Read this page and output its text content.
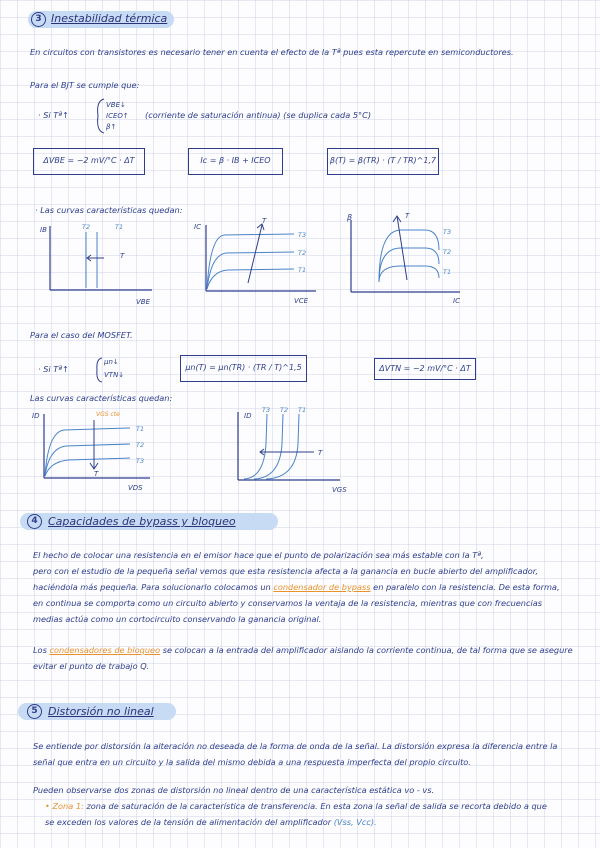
3 Inestabilidad térmica
En circuitos con transistores es necesario tener en cuenta el efecto de la Tª pues esta repercute en semiconductores.
Para el BJT se cumple que:
· Si Tª↑
VBE↓
ICEO↑
β↑
(corriente de saturación antinua) (se duplica cada 5°C)
ΔVBE = −2 mV/°C · ΔT	Ic = β · IB + ICEO	β(T) = β(TR) · (T / TR)^1,7
· Las curvas características quedan:
IB
VBE
T2	T1
T
IC
VCE
T
T3
T2
T1
β
IC
T
T3
T2
T1
Para el caso del MOSFET.
· Si Tª↑
μn↓
VTN↓
μn(T) = μn(TR) · (TR / T)^1,5	ΔVTN = −2 mV/°C · ΔT
Las curvas características quedan:
ID
VDS
VGS cte
T1
T2
T3
T
ID
VGS
T3 T2 T1
T
4 Capacidades de bypass y bloqueo
El hecho de colocar una resistencia en el emisor hace que el punto de polarización sea más estable con la Tª,
pero con el estudio de la pequeña señal vemos que esta resistencia afecta a la ganancia en bucle abierto del amplificador,
haciéndola más pequeña. Para solucionarlo colocamos un condensador de bypass en paralelo con la resistencia. De esta forma,
en continua se comporta como un circuito abierto y conservamos la ventaja de la resistencia, mientras que con frecuencias
medias actúa como un cortocircuito conservando la ganancia original.
Los condensadores de bloqueo se colocan a la entrada del amplificador aislando la corriente continua, de tal forma que se asegure
evitar el punto de trabajo Q.
5 Distorsión no lineal
Se entiende por distorsión la alteración no deseada de la forma de onda de la señal. La distorsión expresa la diferencia entre la
señal que entra en un circuito y la salida del mismo debida a una respuesta imperfecta del propio circuito.
Pueden observarse dos zonas de distorsión no lineal dentro de una característica estática vo - vs.
• Zona 1: zona de saturación de la característica de transferencia. En esta zona la señal de salida se recorta debido a que
se exceden los valores de la tensión de alimentación del amplificador (Vss, Vcc).
